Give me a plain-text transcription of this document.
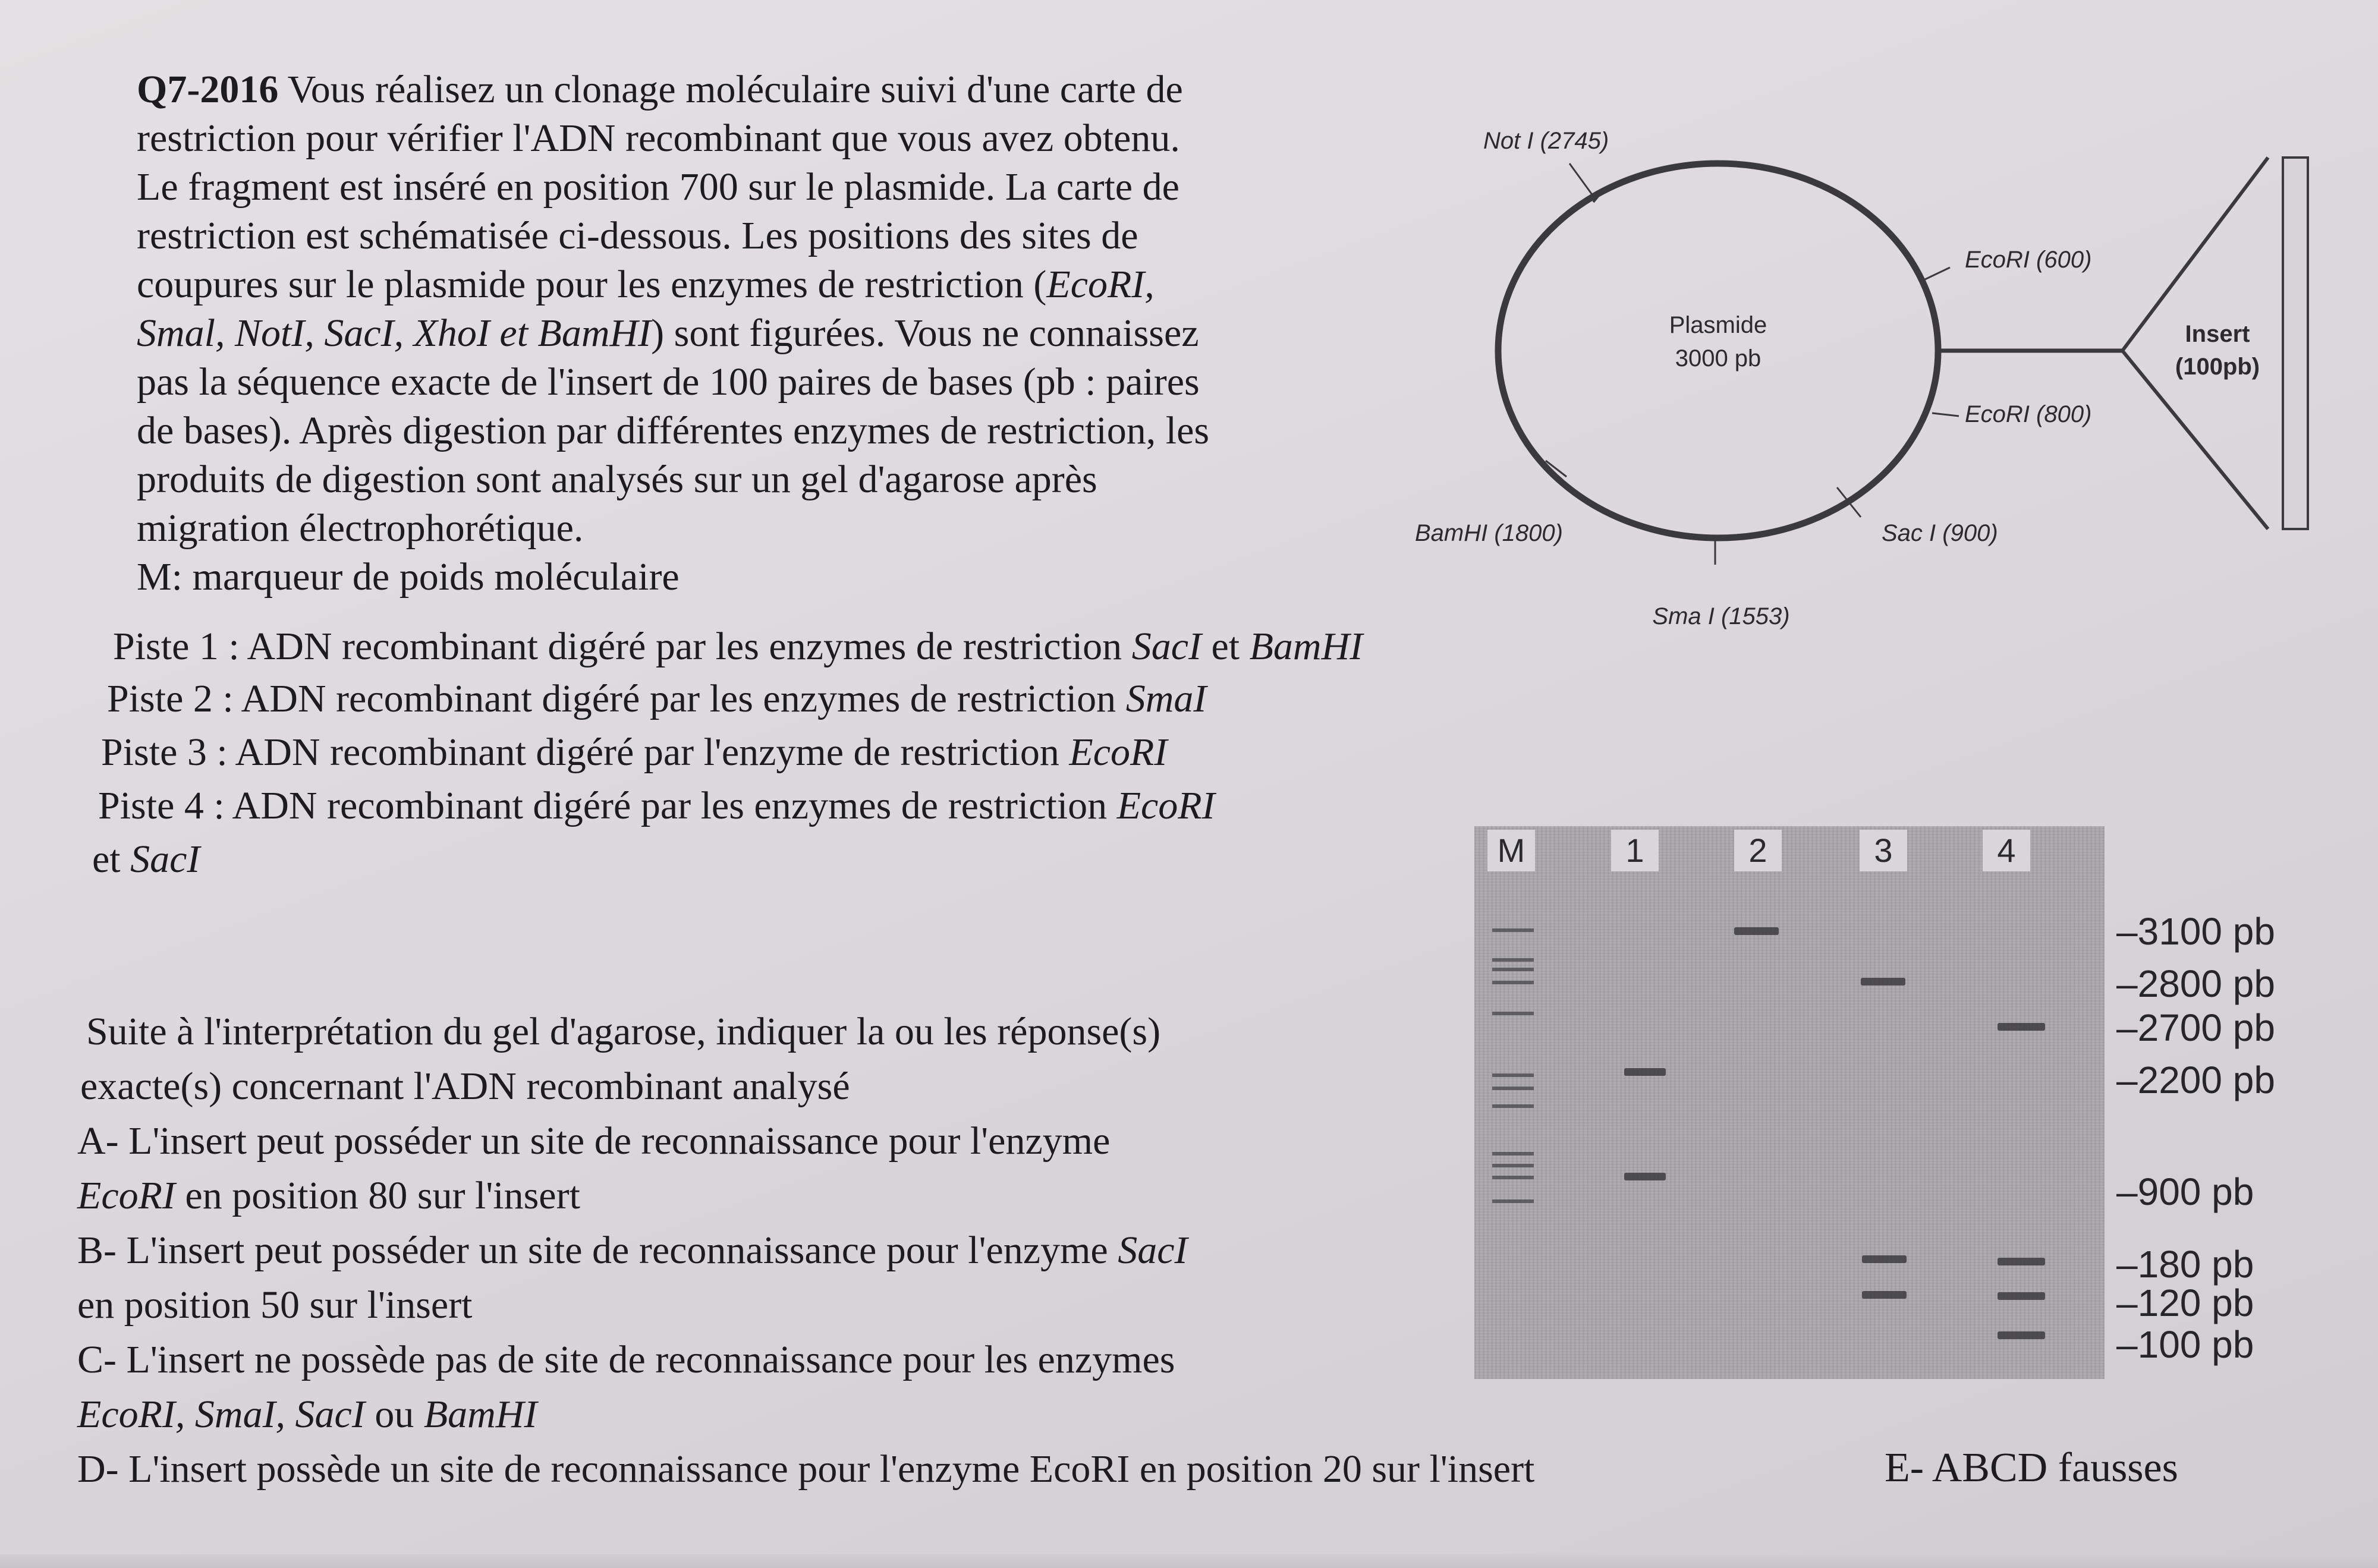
Q7-2016 Vous réalisez un clonage moléculaire suivi d'une carte de
restriction pour vérifier l'ADN recombinant que vous avez obtenu.
Le fragment est inséré en position 700 sur le plasmide. La carte de
restriction est schématisée ci-dessous. Les positions des sites de
coupures sur le plasmide pour les enzymes de restriction (EcoRI,
Smal, NotI, SacI, XhoI et BamHI) sont figurées. Vous ne connaissez
pas la séquence exacte de l'insert de 100 paires de bases (pb : paires
de bases). Après digestion par différentes enzymes de restriction, les
produits de digestion sont analysés sur un gel d'agarose après
migration électrophorétique.
M: marqueur de poids moléculaire
Piste 1 : ADN recombinant digéré par les enzymes de restriction SacI et BamHI
Piste 2 : ADN recombinant digéré par les enzymes de restriction SmaI
Piste 3 : ADN recombinant digéré par l'enzyme de restriction EcoRI
Piste 4 : ADN recombinant digéré par les enzymes de restriction EcoRI
et SacI
Suite à l'interprétation du gel d'agarose, indiquer la ou les réponse(s)
exacte(s) concernant l'ADN recombinant analysé
A- L'insert peut posséder un site de reconnaissance pour l'enzyme
EcoRI en position 80 sur l'insert
B- L'insert peut posséder un site de reconnaissance pour l'enzyme SacI
en position 50 sur l'insert
C- L'insert ne possède pas de site de reconnaissance pour les enzymes
EcoRI, SmaI, SacI ou BamHI
D- L'insert possède un site de reconnaissance pour l'enzyme EcoRI en position 20 sur l'insert	E- ABCD fausses
Not I (2745)
Plasmide
3000 pb
EcoRI (600)
EcoRI (800)
Sac I (900)
Sma I (1553)
BamHI (1800)
Insert
(100pb)
M	1	2	3	4
–3100 pb
–2800 pb
–2700 pb
–2200 pb
–900 pb
–180 pb
–120 pb
–100 pb
